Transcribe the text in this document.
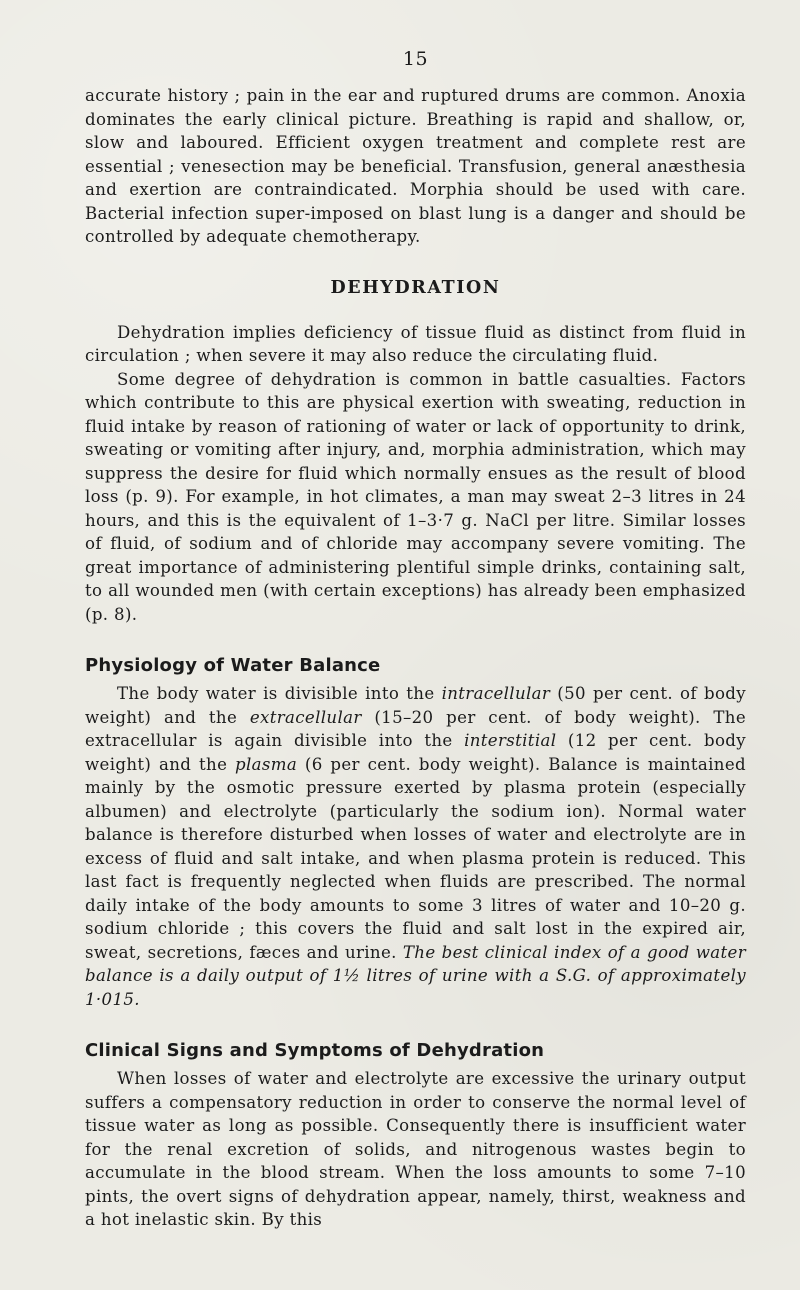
15

accurate history ; pain in the ear and ruptured drums are common. Anoxia dominates the early clinical picture. Breathing is rapid and shallow, or, slow and laboured. Efficient oxygen treatment and complete rest are essential ; venesection may be beneficial. Transfusion, general anæsthesia and exertion are contraindicated. Morphia should be used with care. Bacterial infection super-imposed on blast lung is a danger and should be controlled by adequate chemotherapy.

DEHYDRATION

Dehydration implies deficiency of tissue fluid as distinct from fluid in circulation ; when severe it may also reduce the circulating fluid.

Some degree of dehydration is common in battle casualties. Factors which contribute to this are physical exertion with sweating, reduction in fluid intake by reason of rationing of water or lack of opportunity to drink, sweating or vomiting after injury, and, morphia administration, which may suppress the desire for fluid which normally ensues as the result of blood loss (p. 9). For example, in hot climates, a man may sweat 2–3 litres in 24 hours, and this is the equivalent of 1–3·7 g. NaCl per litre. Similar losses of fluid, of sodium and of chloride may accompany severe vomiting. The great importance of administering plentiful simple drinks, containing salt, to all wounded men (with certain exceptions) has already been emphasized (p. 8).

Physiology of Water Balance

The body water is divisible into the intracellular (50 per cent. of body weight) and the extracellular (15–20 per cent. of body weight). The extracellular is again divisible into the interstitial (12 per cent. body weight) and the plasma (6 per cent. body weight). Balance is maintained mainly by the osmotic pressure exerted by plasma protein (especially albumen) and electrolyte (particularly the sodium ion). Normal water balance is therefore disturbed when losses of water and electrolyte are in excess of fluid and salt intake, and when plasma protein is reduced. This last fact is frequently neglected when fluids are prescribed. The normal daily intake of the body amounts to some 3 litres of water and 10–20 g. sodium chloride ; this covers the fluid and salt lost in the expired air, sweat, secretions, fæces and urine. The best clinical index of a good water balance is a daily output of 1½ litres of urine with a S.G. of approximately 1·015.

Clinical Signs and Symptoms of Dehydration

When losses of water and electrolyte are excessive the urinary output suffers a compensatory reduction in order to conserve the normal level of tissue water as long as possible. Consequently there is insufficient water for the renal excretion of solids, and nitrogenous wastes begin to accumulate in the blood stream. When the loss amounts to some 7–10 pints, the overt signs of dehydration appear, namely, thirst, weakness and a hot inelastic skin. By this
